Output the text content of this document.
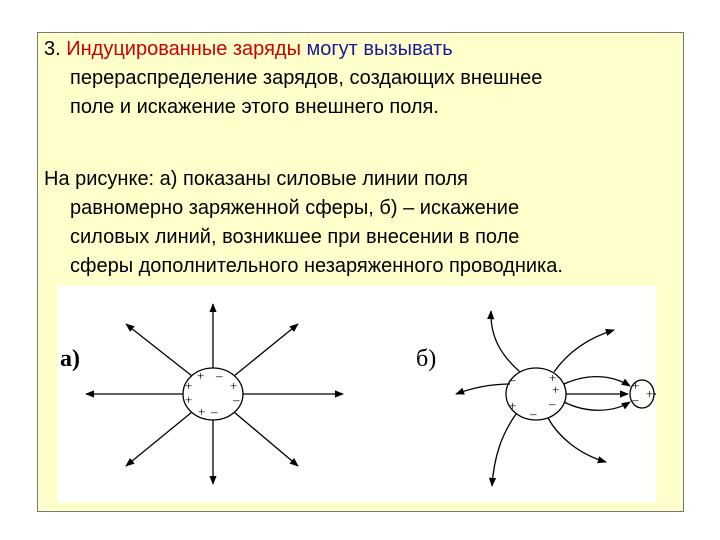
3. Индуцированные заряды могут вызывать
перераспределение зарядов, создающих внешнее
поле и искажение этого внешнего поля.

На рисунке: а) показаны силовые линии поля
равномерно заряженной сферы, б) – искажение
силовых линий, возникшее при внесении в поле
сферы дополнительного незаряженного проводника.

а)
+
+
+ –
+
–
+ –
б)
–
+
–
+
+
–
+
– +
